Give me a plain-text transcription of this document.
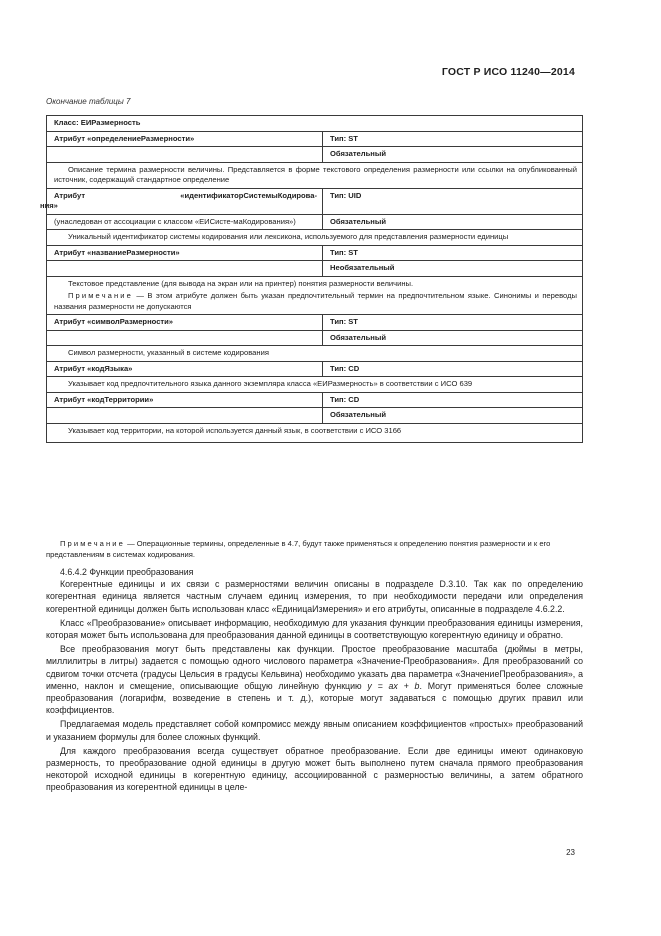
ГОСТ Р ИСО 11240—2014
Окончание таблицы 7
Класс: ЕИРазмерность	
Атрибут «определениеРазмерности»	Тип: ST
	Обязательный
Описание термина размерности величины. Представляется в форме текстового определения размерности или ссылки на опубликованный источник, содержащий стандартное определение	

Атрибут «идентификаторСистемыКодирова-
ния»	Тип: UID
(унаследован от ассоциации с классом «ЕИСисте-маКодирования»)	Обязательный
Уникальный идентификатор системы кодирования или лексикона, используемого для представления размерности единицы	
Атрибут «названиеРазмерности»	Тип: ST
	Необязательный

Текстовое представление (для вывода на экран или на принтер) понятия размерности величины.
Примечание — В этом атрибуте должен быть указан предпочтительный термин на предпочтительном языке. Синонимы и переводы названия размерности не допускаются	

Атрибут «символРазмерности»	Тип: ST
	Обязательный
Символ размерности, указанный в системе кодирования	
Атрибут «кодЯзыка»	Тип: CD
Указывает код предпочтительного языка данного экземпляра класса «ЕИРазмерность» в соответствии с ИСО 639	
Атрибут «кодТерритории»	Тип: CD
	Обязательный
Указывает код территории, на которой используется данный язык, в соответствии с ИСО 3166	
Примечание — Операционные термины, определенные в 4.7, будут также применяться к определению понятия размерности и к его представлениям в системах кодирования.
4.6.4.2 Функции преобразования

Когерентные единицы и их связи с размерностями величин описаны в подразделе D.3.10. Так как по определению когерентная единица является частным случаем единиц измерения, то при необходимости передачи или определения когерентной единицы должен быть использован класс «ЕдиницаИзмерения» и его атрибуты, описанные в подразделе 4.6.2.2.

Класс «Преобразование» описывает информацию, необходимую для указания функции преобразования единицы измерения, которая может быть использована для преобразования данной единицы в соответствующую когерентную единицу и обратно.

Все преобразования могут быть представлены как функции. Простое преобразование масштаба (дюймы в метры, миллилитры в литры) задается с помощью одного числового параметра «Значение-Преобразования». Для преобразований со сдвигом точки отсчета (градусы Цельсия в градусы Кельвина) необходимо указать два параметра «ЗначениеПреобразования», а именно, наклон и смещение, описывающие общую линейную функцию y = ax + b. Могут применяться более сложные преобразования (логарифм, возведение в степень и т. д.), которые могут задаваться с помощью других правил или коэффициентов.

Предлагаемая модель представляет собой компромисс между явным описанием коэффициентов «простых» преобразований и указанием формулы для более сложных функций.

Для каждого преобразования всегда существует обратное преобразование. Если две единицы имеют одинаковую размерность, то преобразование одной единицы в другую может быть выполнено путем сначала прямого преобразования некоторой исходной единицы в когерентную единицу, ассоциированной с размерностью величины, а затем обратного преобразования из когерентной единицы в целе-

23
